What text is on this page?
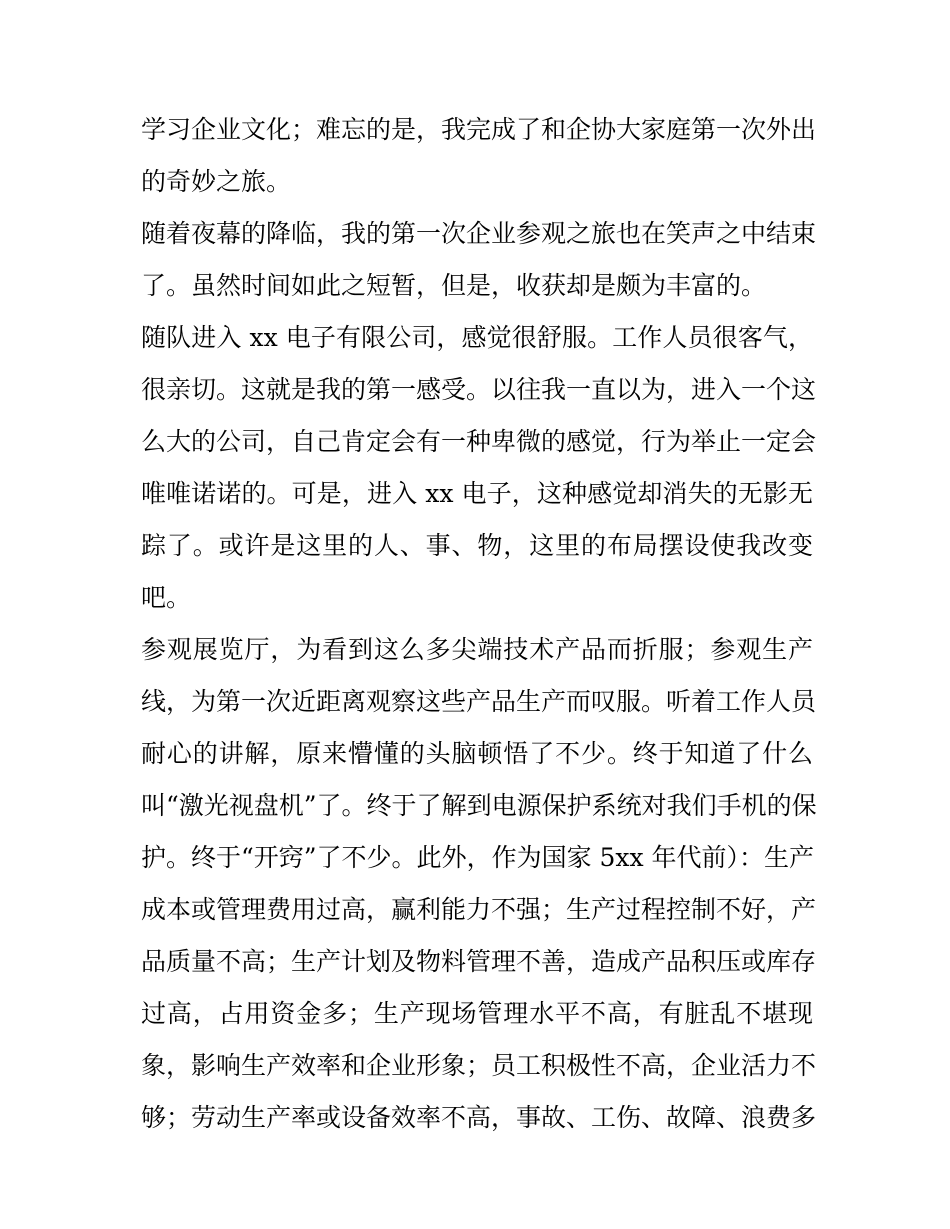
学习企业文化；难忘的是，我完成了和企协大家庭第一次外出
的奇妙之旅。
随着夜幕的降临，我的第一次企业参观之旅也在笑声之中结束
了。虽然时间如此之短暂，但是，收获却是颇为丰富的。
随队进入 xx 电子有限公司，感觉很舒服。工作人员很客气，
很亲切。这就是我的第一感受。以往我一直以为，进入一个这
么大的公司，自己肯定会有一种卑微的感觉，行为举止一定会
唯唯诺诺的。可是，进入 xx 电子，这种感觉却消失的无影无
踪了。或许是这里的人、事、物，这里的布局摆设使我改变
吧。
参观展览厅，为看到这么多尖端技术产品而折服；参观生产
线，为第一次近距离观察这些产品生产而叹服。听着工作人员
耐心的讲解，原来懵懂的头脑顿悟了不少。终于知道了什么
叫“激光视盘机”了。终于了解到电源保护系统对我们手机的保
护。终于“开窍”了不少。此外，作为国家 5xx 年代前）：生产
成本或管理费用过高，赢利能力不强；生产过程控制不好，产
品质量不高；生产计划及物料管理不善，造成产品积压或库存
过高，占用资金多；生产现场管理水平不高，有脏乱不堪现
象，影响生产效率和企业形象；员工积极性不高，企业活力不
够；劳动生产率或设备效率不高，事故、工伤、故障、浪费多
